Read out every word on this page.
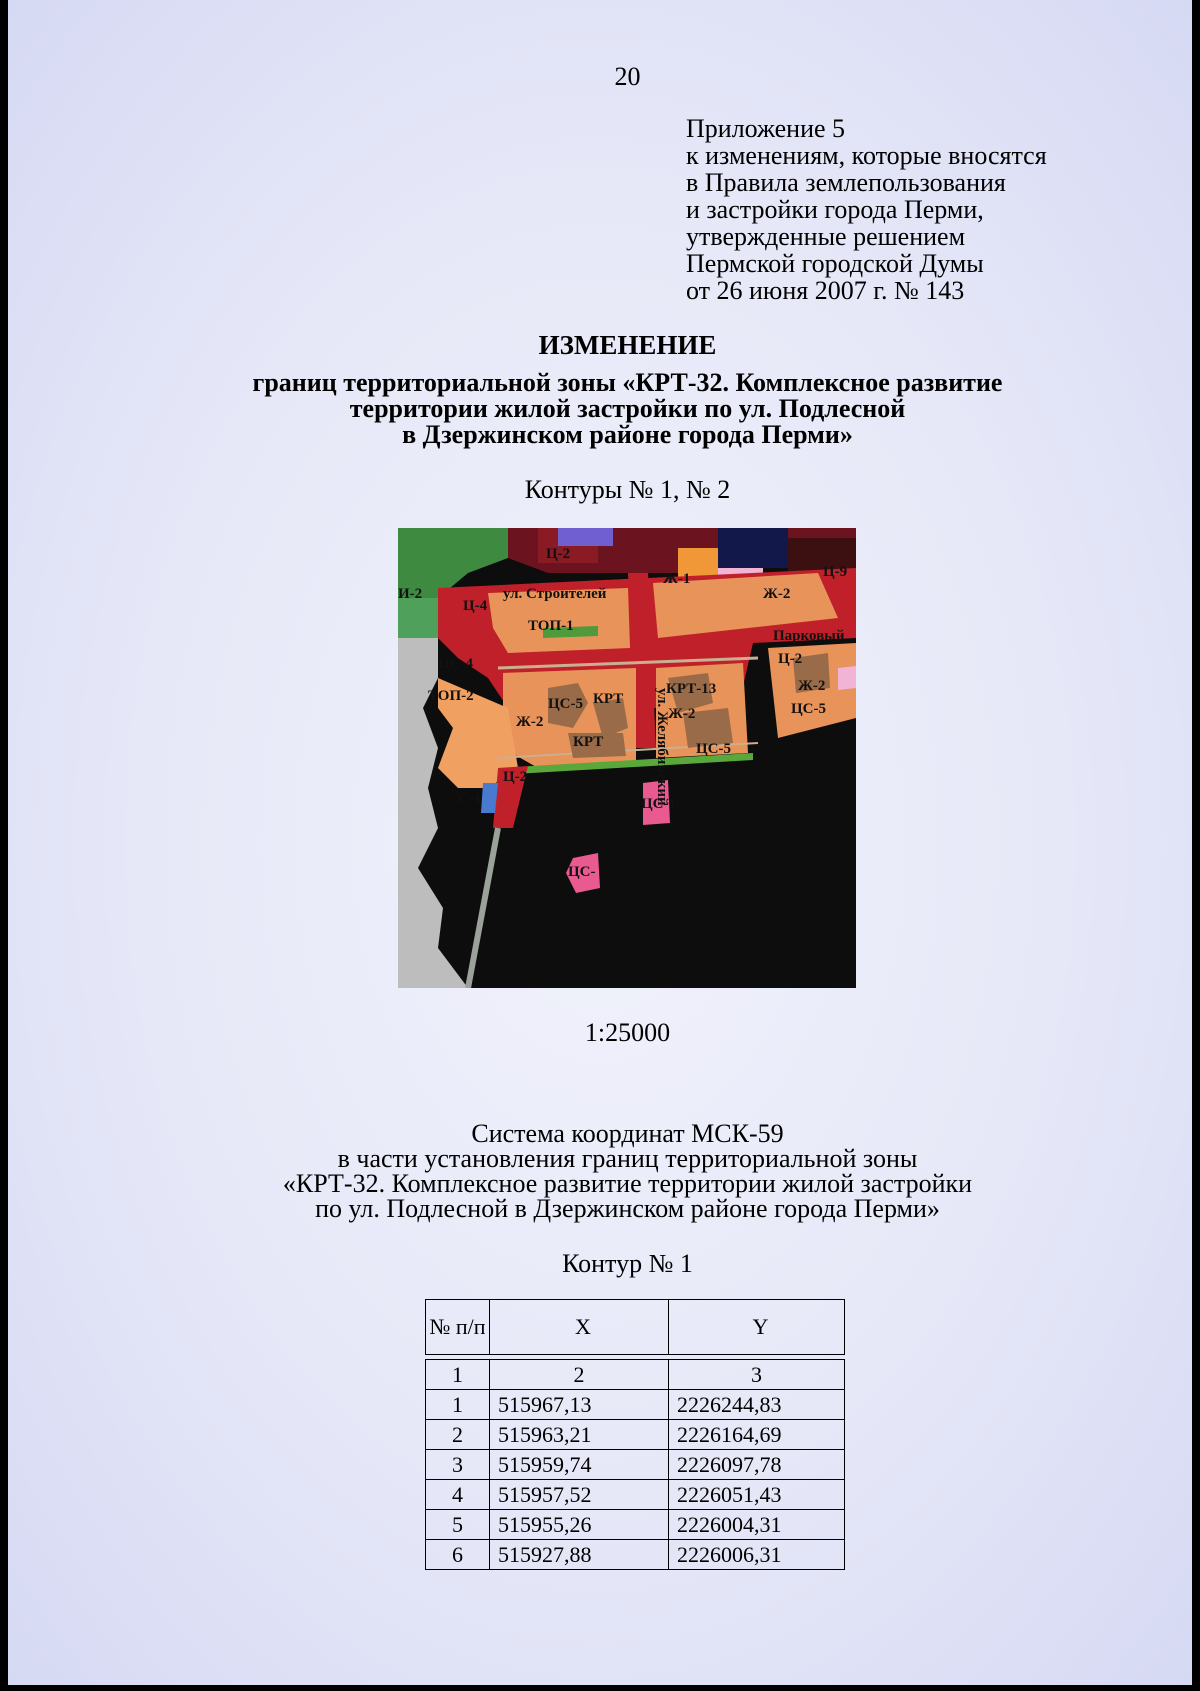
20
Приложение 5
к изменениям, которые вносятся
в Правила землепользования
и застройки города Перми,
утвержденные решением
Пермской городской Думы
от 26 июня 2007 г. № 143
ИЗМЕНЕНИЕ
границ территориальной зоны «КРТ-32. Комплексное развитие
территории жилой застройки по ул. Подлесной
в Дзержинском районе города Перми»
Контуры № 1, № 2
ул. Строителей
Парковый
ТОП-1
ТОП-2
ЦС-4
Ц-4
И-2
Ц-2
Ж-1
Ж-2
Ц-9
ЦС-5 КРТ
КРТ
Ж-2
КРТ-13
Ж-2
ЦС-5
Ц-2
Ж-2
ЦС-5
Ц-2
С-1	ЦС-1
ЦС-
ул. Желябинский
1:25000
Система координат МСК-59
в части установления границ территориальной зоны
«КРТ-32. Комплексное развитие территории жилой застройки
по ул. Подлесной в Дзержинском районе города Перми»
Контур № 1
№ п/п	X	Y

1	2	3
1	515967,13	2226244,83
2	515963,21	2226164,69
3	515959,74	2226097,78
4	515957,52	2226051,43
5	515955,26	2226004,31
6	515927,88	2226006,31
